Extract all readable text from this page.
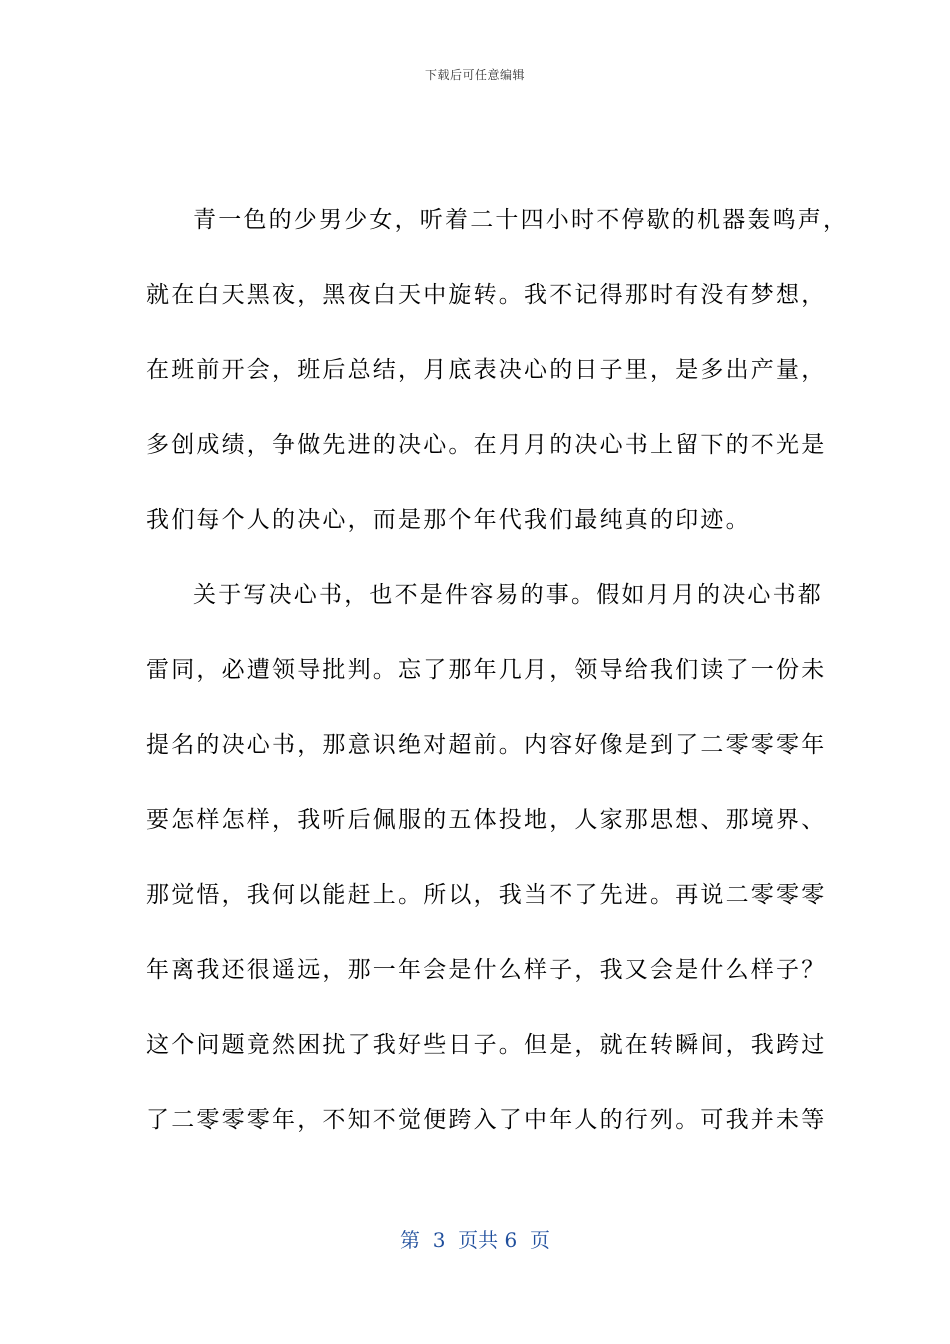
下载后可任意编辑
青一色的少男少女，听着二十四小时不停歇的机器轰鸣声，
就在白天黑夜，黑夜白天中旋转。我不记得那时有没有梦想，
在班前开会，班后总结，月底表决心的日子里，是多出产量，
多创成绩，争做先进的决心。在月月的决心书上留下的不光是
我们每个人的决心，而是那个年代我们最纯真的印迹。
关于写决心书，也不是件容易的事。假如月月的决心书都
雷同，必遭领导批判。忘了那年几月，领导给我们读了一份未
提名的决心书，那意识绝对超前。内容好像是到了二零零零年
要怎样怎样，我听后佩服的五体投地，人家那思想、那境界、
那觉悟，我何以能赶上。所以，我当不了先进。再说二零零零
年离我还很遥远，那一年会是什么样子，我又会是什么样子？
这个问题竟然困扰了我好些日子。但是，就在转瞬间，我跨过
了二零零零年，不知不觉便跨入了中年人的行列。可我并未等
第  3  页共 6  页
